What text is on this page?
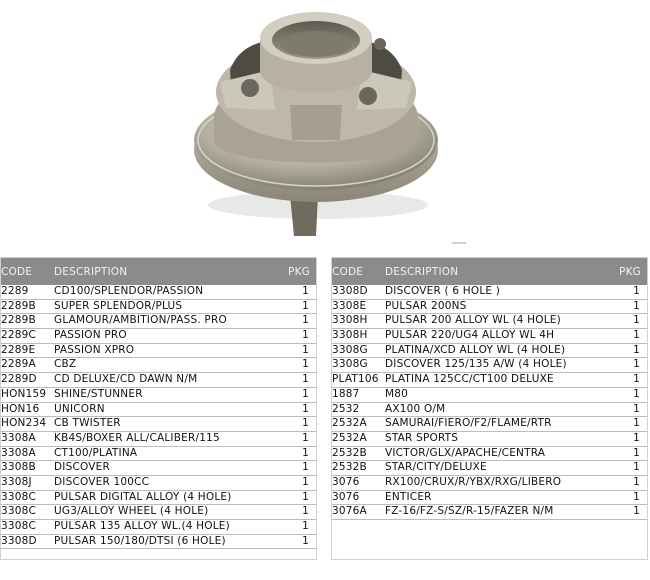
CODE DESCRIPTION	PKG
2289 CD100/SPLENDOR/PASSION	1
2289B SUPER SPLENDOR/PLUS	1
2289B GLAMOUR/AMBITION/PASS. PRO	1
2289C PASSION PRO	1
2289E PASSION XPRO	1
2289A CBZ	1
2289D CD DELUXE/CD DAWN N/M	1
HON159 SHINE/STUNNER	1
HON16 UNICORN	1
HON234 CB TWISTER	1
3308A KB4S/BOXER ALL/CALIBER/115	1
3308A CT100/PLATINA	1
3308B DISCOVER	1
3308J DISCOVER 100CC	1
3308C PULSAR DIGITAL ALLOY (4 HOLE)	1
3308C UG3/ALLOY WHEEL (4 HOLE)	1
3308C PULSAR 135 ALLOY WL.(4 HOLE)	1
3308D PULSAR 150/180/DTSI (6 HOLE)	1
CODE DESCRIPTION	PKG
3308D DISCOVER ( 6 HOLE )	1
3308E PULSAR 200NS	1
3308H PULSAR 200 ALLOY WL (4 HOLE)	1
3308H PULSAR 220/UG4 ALLOY WL 4H	1
3308G PLATINA/XCD ALLOY WL (4 HOLE)	1
3308G DISCOVER 125/135 A/W (4 HOLE)	1
PLAT106 PLATINA 125CC/CT100 DELUXE	1
1887 M80	1
2532 AX100 O/M	1
2532A SAMURAI/FIERO/F2/FLAME/RTR	1
2532A STAR SPORTS	1
2532B VICTOR/GLX/APACHE/CENTRA	1
2532B STAR/CITY/DELUXE	1
3076 RX100/CRUX/R/YBX/RXG/LIBERO	1
3076 ENTICER	1
3076A FZ-16/FZ-S/SZ/R-15/FAZER N/M	1
